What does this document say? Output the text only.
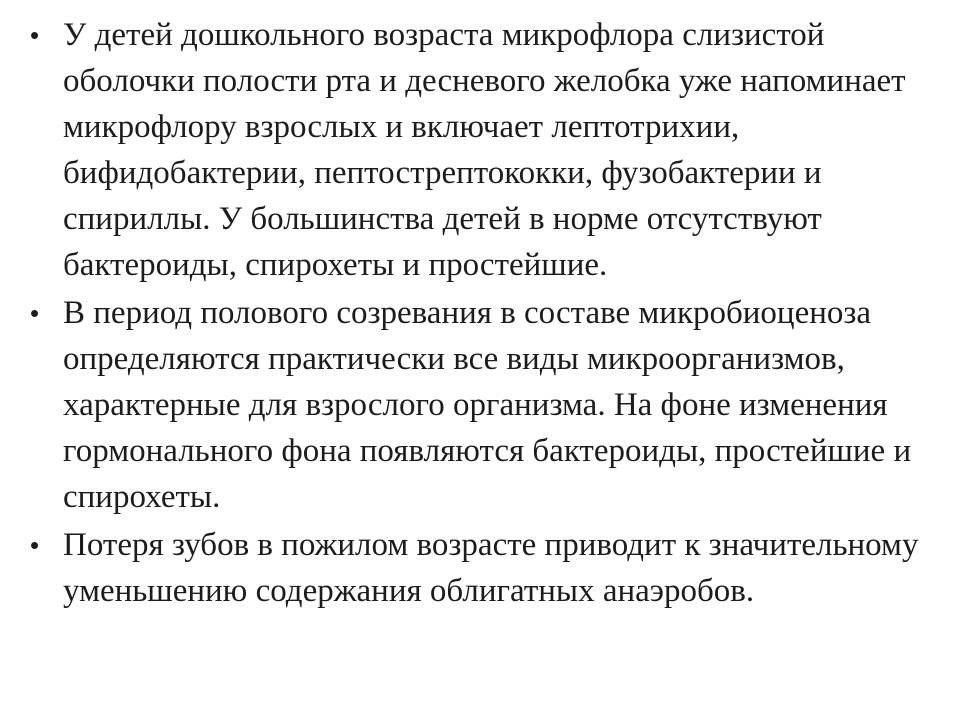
• У детей дошкольного возраста микрофлора слизистой оболочки полости рта и десневого желобка уже напоминает микрофлору взрослых и включает лептотрихии, бифидобактерии, пептострептококки, фузобактерии и спириллы. У большинства детей в норме отсутствуют бактероиды, спирохеты и простейшие.
• В период полового созревания в составе микробиоценоза определяются практически все виды микроорганизмов, характерные для взрослого организма. На фоне изменения гормонального фона появляются бактероиды, простейшие и спирохеты.
• Потеря зубов в пожилом возрасте приводит к значительному уменьшению содержания облигатных анаэробов.
